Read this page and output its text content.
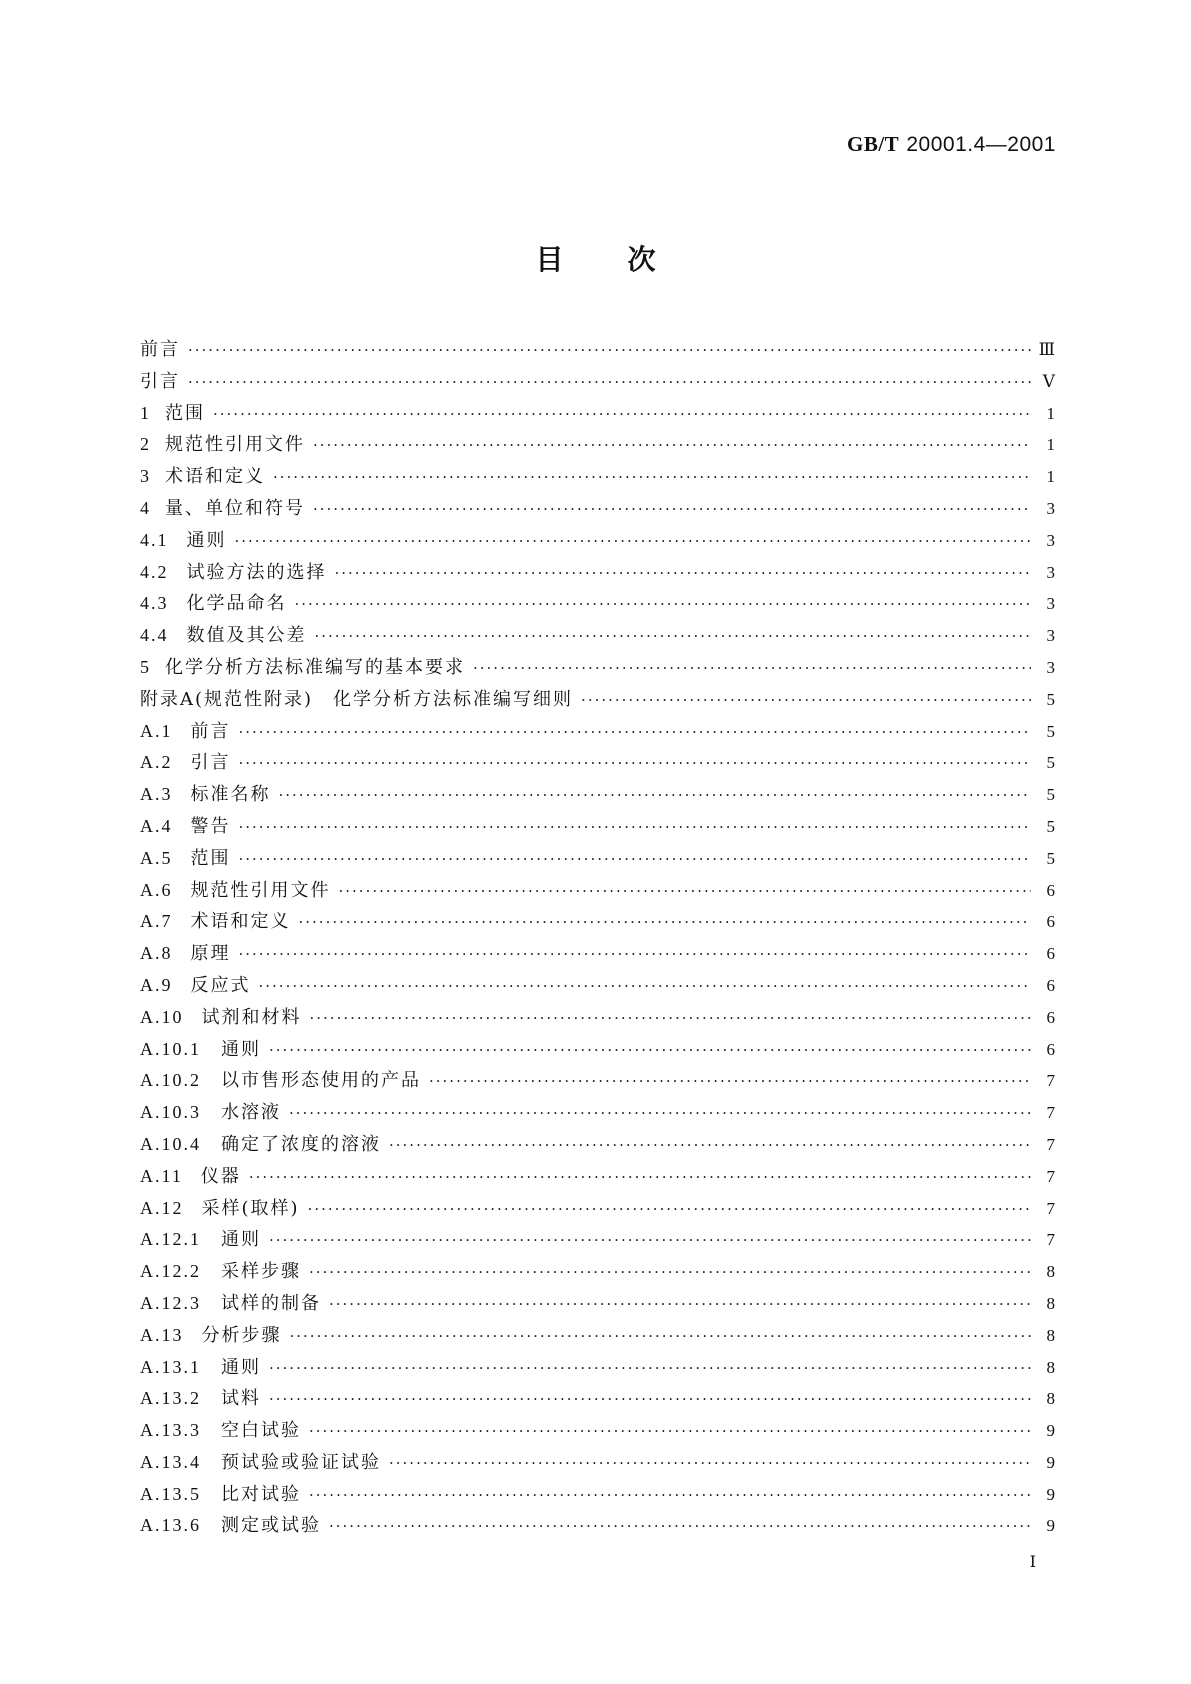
GB/T 20001.4—2001
目次
前言 ·····	Ⅲ
引言 ·····	Ⅴ
1 范围 ·····	1
2 规范性引用文件 ·····	1
3 术语和定义 ·····	1
4 量、单位和符号 ·····	3
4.1 通则 ·····	3
4.2 试验方法的选择 ·····	3
4.3 化学品命名 ·····	3
4.4 数值及其公差 ·····	3
5 化学分析方法标准编写的基本要求 ·····	3
附录A(规范性附录)　化学分析方法标准编写细则 ·····	5
A.1 前言 ·····	5
A.2 引言 ·····	5
A.3 标准名称 ·····	5
A.4 警告 ·····	5
A.5 范围 ·····	5
A.6 规范性引用文件 ·····	6
A.7 术语和定义 ·····	6
A.8 原理 ·····	6
A.9 反应式 ·····	6
A.10 试剂和材料 ·····	6
A.10.1 通则 ·····	6
A.10.2 以市售形态使用的产品 ·····	7
A.10.3 水溶液 ·····	7
A.10.4 确定了浓度的溶液 ·····	7
A.11 仪器 ·····	7
A.12 采样(取样) ·····	7
A.12.1 通则 ·····	7
A.12.2 采样步骤 ·····	8
A.12.3 试样的制备 ·····	8
A.13 分析步骤 ·····	8
A.13.1 通则 ·····	8
A.13.2 试料 ·····	8
A.13.3 空白试验 ·····	9
A.13.4 预试验或验证试验 ·····	9
A.13.5 比对试验 ·····	9
A.13.6 测定或试验 ·····	9
Ⅰ
